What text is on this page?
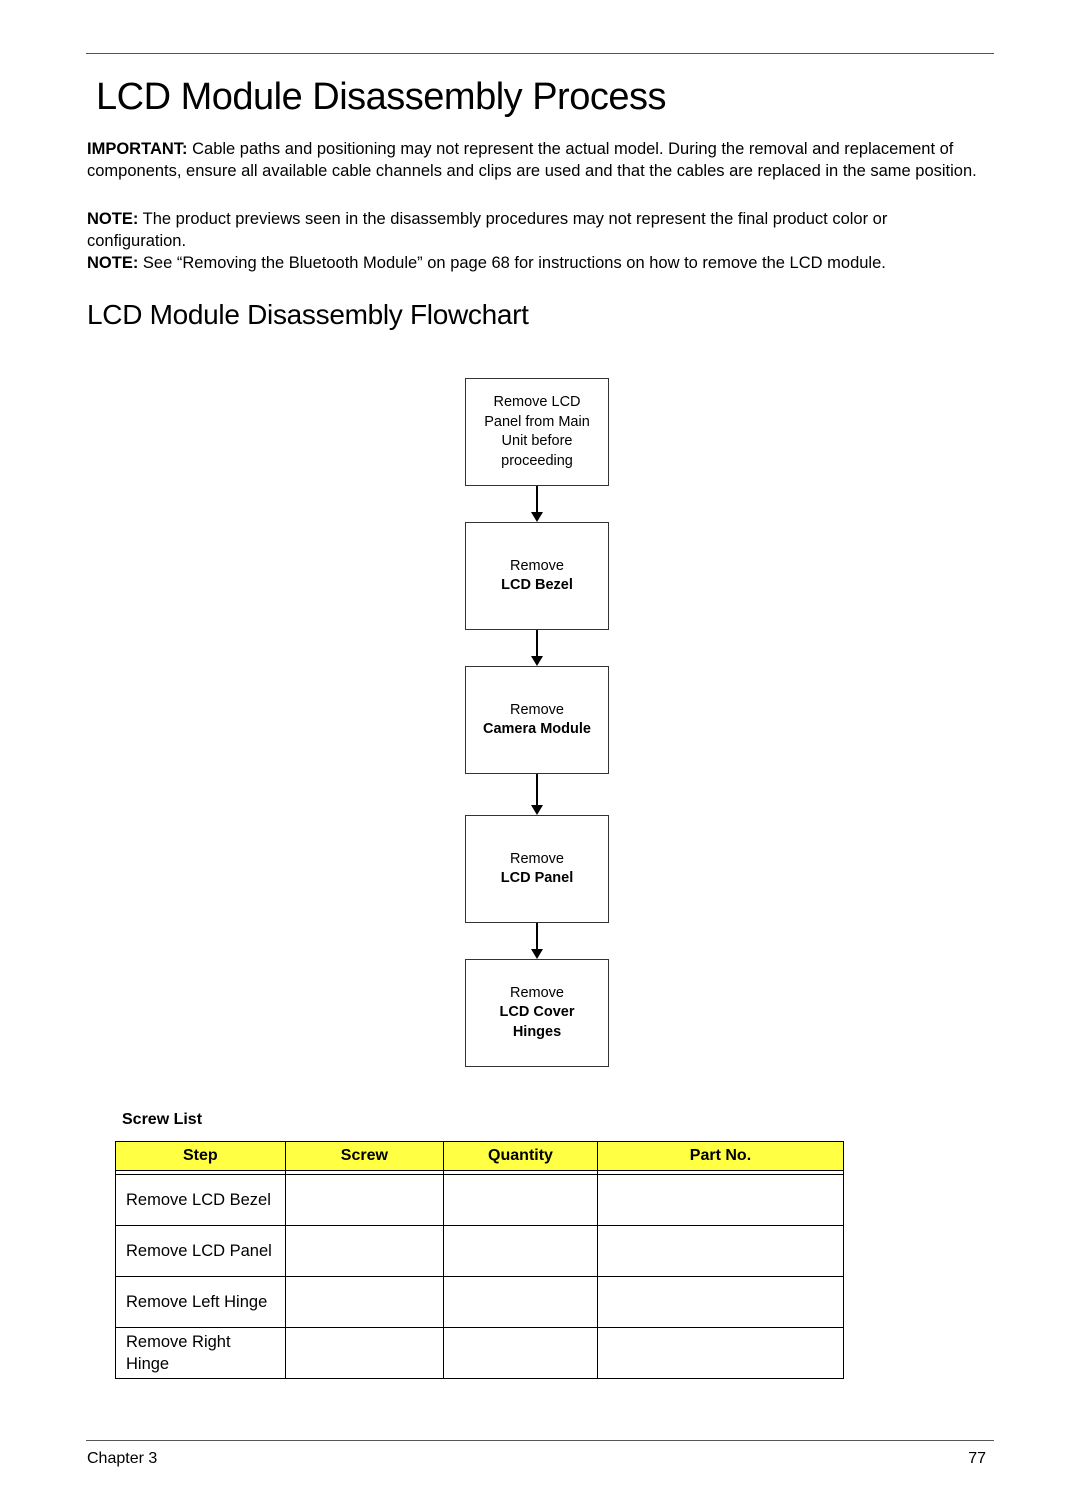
LCD Module Disassembly Process

IMPORTANT: Cable paths and positioning may not represent the actual model. During the removal and replacement of components, ensure all available cable channels and clips are used and that the cables are replaced in the same position.

NOTE: The product previews seen in the disassembly procedures may not represent the final product color or configuration.

NOTE: See “Removing the Bluetooth Module” on page 68 for instructions on how to remove the LCD module.

LCD Module Disassembly Flowchart
Remove LCD
Panel from Main
Unit before
proceeding
Remove
LCD Bezel
Remove
Camera Module
Remove
LCD Panel
Remove
LCD Cover
Hinges

Screw List

Step	Screw	Quantity	Part No.

Remove LCD Bezel			
Remove LCD Panel			
Remove Left Hinge			
Remove Right Hinge			
Chapter 3	77
